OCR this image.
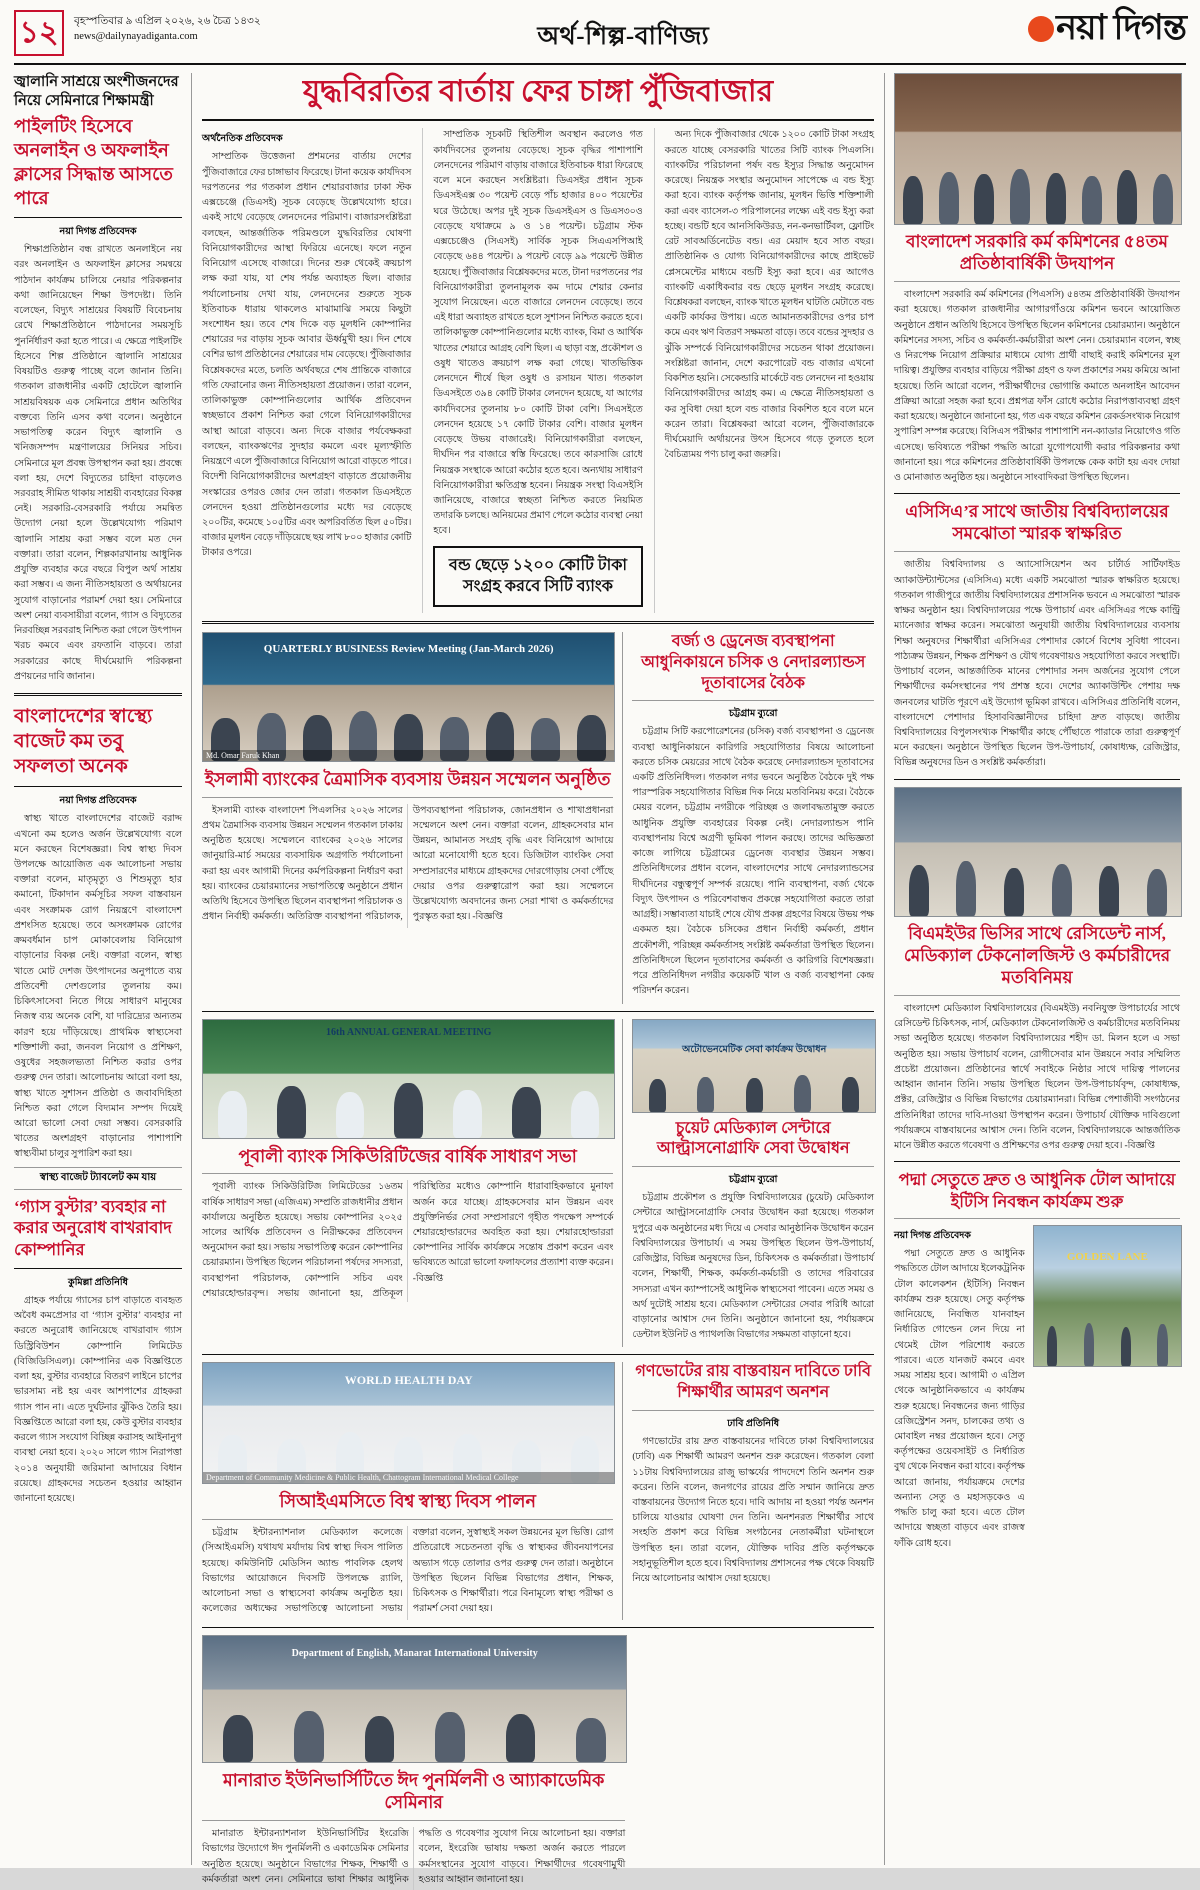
১২	বৃহস্পতিবার ৯ এপ্রিল ২০২৬, ২৬ চৈত্র ১৪৩২
news@dailynayadiganta.com	অর্থ-শিল্প-বাণিজ্য	নয়া দিগন্ত
জ্বালানি সাশ্রয়ে অংশীজনদের নিয়ে সেমিনারে শিক্ষামন্ত্রী
পাইলটিং হিসেবে অনলাইন ও অফলাইন ক্লাসের সিদ্ধান্ত আসতে পারে
নয়া দিগন্ত প্রতিবেদক

শিক্ষাপ্রতিষ্ঠান বন্ধ রাখতে অনলাইনে নয় বরং অনলাইন ও অফলাইন ক্লাসের সমন্বয়ে পাঠদান কার্যক্রম চালিয়ে নেয়ার পরিকল্পনার কথা জানিয়েছেন শিক্ষা উপদেষ্টা। তিনি বলেছেন, বিদ্যুৎ সাশ্রয়ের বিষয়টি বিবেচনায় রেখে শিক্ষাপ্রতিষ্ঠানে পাঠদানের সময়সূচি পুনর্নির্ধারণ করা হতে পারে। এ ক্ষেত্রে পাইলটিং হিসেবে শিল্প প্রতিষ্ঠানে জ্বালানি সাশ্রয়ের বিষয়টিও গুরুত্ব পাচ্ছে বলে জানান তিনি। গতকাল রাজধানীর একটি হোটেলে জ্বালানি সাশ্রয়বিষয়ক এক সেমিনারে প্রধান অতিথির বক্তব্যে তিনি এসব কথা বলেন। অনুষ্ঠানে সভাপতিত্ব করেন বিদ্যুৎ জ্বালানি ও খনিজসম্পদ মন্ত্রণালয়ের সিনিয়র সচিব। সেমিনারে মূল প্রবন্ধ উপস্থাপন করা হয়। প্রবন্ধে বলা হয়, দেশে বিদ্যুতের চাহিদা বাড়লেও সরবরাহ সীমিত থাকায় সাশ্রয়ী ব্যবহারের বিকল্প নেই। সরকারি-বেসরকারি পর্যায়ে সমন্বিত উদ্যোগ নেয়া হলে উল্লেখযোগ্য পরিমাণ জ্বালানি সাশ্রয় করা সম্ভব বলে মত দেন বক্তারা। তারা বলেন, শিল্পকারখানায় আধুনিক প্রযুক্তি ব্যবহার করে বছরে বিপুল অর্থ সাশ্রয় করা সম্ভব। এ জন্য নীতিসহায়তা ও অর্থায়নের সুযোগ বাড়ানোর পরামর্শ দেয়া হয়। সেমিনারে অংশ নেয়া ব্যবসায়ীরা বলেন, গ্যাস ও বিদ্যুতের নিরবচ্ছিন্ন সরবরাহ নিশ্চিত করা গেলে উৎপাদন খরচ কমবে এবং রফতানি বাড়বে। তারা সরকারের কাছে দীর্ঘমেয়াদি পরিকল্পনা প্রণয়নের দাবি জানান।

বাংলাদেশের স্বাস্থ্যে বাজেট কম তবু সফলতা অনেক
নয়া দিগন্ত প্রতিবেদক

স্বাস্থ্য খাতে বাংলাদেশের বাজেট বরাদ্দ এখনো কম হলেও অর্জন উল্লেখযোগ্য বলে মনে করছেন বিশেষজ্ঞরা। বিশ্ব স্বাস্থ্য দিবস উপলক্ষে আয়োজিত এক আলোচনা সভায় বক্তারা বলেন, মাতৃমৃত্যু ও শিশুমৃত্যু হার কমানো, টিকাদান কর্মসূচির সফল বাস্তবায়ন এবং সংক্রামক রোগ নিয়ন্ত্রণে বাংলাদেশ প্রশংসিত হয়েছে। তবে অসংক্রামক রোগের ক্রমবর্ধমান চাপ মোকাবেলায় বিনিয়োগ বাড়ানোর বিকল্প নেই। বক্তারা বলেন, স্বাস্থ্য খাতে মোট দেশজ উৎপাদনের অনুপাতে ব্যয় প্রতিবেশী দেশগুলোর তুলনায় কম। চিকিৎসাসেবা নিতে গিয়ে সাধারণ মানুষের নিজস্ব ব্যয় অনেক বেশি, যা দারিদ্র্যের অন্যতম কারণ হয়ে দাঁড়িয়েছে। প্রাথমিক স্বাস্থ্যসেবা শক্তিশালী করা, জনবল নিয়োগ ও প্রশিক্ষণ, ওষুধের সহজলভ্যতা নিশ্চিত করার ওপর গুরুত্ব দেন তারা। আলোচনায় আরো বলা হয়, স্বাস্থ্য খাতে সুশাসন প্রতিষ্ঠা ও জবাবদিহিতা নিশ্চিত করা গেলে বিদ্যমান সম্পদ দিয়েই আরো ভালো সেবা দেয়া সম্ভব। বেসরকারি খাতের অংশগ্রহণ বাড়ানোর পাশাপাশি স্বাস্থ্যবীমা চালুর সুপারিশ করা হয়।

স্বাস্থ্য বাজেট ট্যাবলেট কম যায়
‘গ্যাস বুস্টার’ ব্যবহার না করার অনুরোধ বাখরাবাদ কোম্পানির
কুমিল্লা প্রতিনিধি

গ্রাহক পর্যায়ে গ্যাসের চাপ বাড়াতে ব্যবহৃত অবৈধ কমপ্রেসার বা ‘গ্যাস বুস্টার’ ব্যবহার না করতে অনুরোধ জানিয়েছে বাখরাবাদ গ্যাস ডিস্ট্রিবিউশন কোম্পানি লিমিটেড (বিজিডিসিএল)। কোম্পানির এক বিজ্ঞপ্তিতে বলা হয়, বুস্টার ব্যবহারে বিতরণ লাইনে চাপের ভারসাম্য নষ্ট হয় এবং আশপাশের গ্রাহকরা গ্যাস পান না। এতে দুর্ঘটনার ঝুঁকিও তৈরি হয়। বিজ্ঞপ্তিতে আরো বলা হয়, কেউ বুস্টার ব্যবহার করলে গ্যাস সংযোগ বিচ্ছিন্ন করাসহ আইনানুগ ব্যবস্থা নেয়া হবে। ২০২০ সালে গ্যাস নিরাপত্তা ২০১৪ অনুযায়ী জরিমানা আদায়ের বিধান রয়েছে। গ্রাহকদের সচেতন হওয়ার আহ্বান জানানো হয়েছে।

যুদ্ধবিরতির বার্তায় ফের চাঙ্গা পুঁজিবাজার
অর্থনৈতিক প্রতিবেদক

সাম্প্রতিক উত্তেজনা প্রশমনের বার্তায় দেশের পুঁজিবাজারে ফের চাঙ্গাভাব ফিরেছে। টানা কয়েক কার্যদিবস দরপতনের পর গতকাল প্রধান শেয়ারবাজার ঢাকা স্টক এক্সচেঞ্জে (ডিএসই) সূচক বেড়েছে উল্লেখযোগ্য হারে। একই সাথে বেড়েছে লেনদেনের পরিমাণ। বাজারসংশ্লিষ্টরা বলছেন, আন্তর্জাতিক পরিমণ্ডলে যুদ্ধবিরতির ঘোষণা বিনিয়োগকারীদের আস্থা ফিরিয়ে এনেছে। ফলে নতুন বিনিয়োগ এসেছে বাজারে। দিনের শুরু থেকেই ক্রয়চাপ লক্ষ করা যায়, যা শেষ পর্যন্ত অব্যাহত ছিল। বাজার পর্যালোচনায় দেখা যায়, লেনদেনের শুরুতে সূচক ইতিবাচক ধারায় থাকলেও মাঝামাঝি সময়ে কিছুটা সংশোধন হয়। তবে শেষ দিকে বড় মূলধনি কোম্পানির শেয়ারের দর বাড়ায় সূচক আবার ঊর্ধ্বমুখী হয়। দিন শেষে বেশির ভাগ প্রতিষ্ঠানের শেয়ারের দাম বেড়েছে। পুঁজিবাজার বিশ্লেষকদের মতে, চলতি অর্থবছরে শেষ প্রান্তিকে বাজারে গতি ফেরানোর জন্য নীতিসহায়তা প্রয়োজন। তারা বলেন, তালিকাভুক্ত কোম্পানিগুলোর আর্থিক প্রতিবেদন স্বচ্ছভাবে প্রকাশ নিশ্চিত করা গেলে বিনিয়োগকারীদের আস্থা আরো বাড়বে। অন্য দিকে বাজার পর্যবেক্ষকরা বলছেন, ব্যাংকঋণের সুদহার কমলে এবং মূল্যস্ফীতি নিয়ন্ত্রণে এলে পুঁজিবাজারে বিনিয়োগ আরো বাড়তে পারে। বিদেশী বিনিয়োগকারীদের অংশগ্রহণ বাড়াতে প্রয়োজনীয় সংস্কারের ওপরও জোর দেন তারা। গতকাল ডিএসইতে লেনদেন হওয়া প্রতিষ্ঠানগুলোর মধ্যে দর বেড়েছে ২০০টির, কমেছে ১০৫টির এবং অপরিবর্তিত ছিল ৫০টির। বাজার মূলধন বেড়ে দাঁড়িয়েছে ছয় লাখ ৮০০ হাজার কোটি টাকার ওপরে।

সাম্প্রতিক সূচকটি স্থিতিশীল অবস্থান করলেও গত কার্যদিবসের তুলনায় বেড়েছে। সূচক বৃদ্ধির পাশাপাশি লেনদেনের পরিমাণ বাড়ায় বাজারে ইতিবাচক ধারা ফিরেছে বলে মনে করছেন সংশ্লিষ্টরা। ডিএসইর প্রধান সূচক ডিএসইএক্স ৩০ পয়েন্ট বেড়ে পাঁচ হাজার ৪০০ পয়েন্টের ঘরে উঠেছে। অপর দুই সূচক ডিএসইএস ও ডিএস৩০ও বেড়েছে যথাক্রমে ৯ ও ১৪ পয়েন্ট। চট্টগ্রাম স্টক এক্সচেঞ্জেও (সিএসই) সার্বিক সূচক সিএএসপিআই বেড়েছে ৬৪৪ পয়েন্ট। ৯ পয়েন্ট বেড়ে ৯৯ পয়েন্টে উন্নীত হয়েছে। পুঁজিবাজার বিশ্লেষকদের মতে, টানা দরপতনের পর বিনিয়োগকারীরা তুলনামূলক কম দামে শেয়ার কেনার সুযোগ নিয়েছেন। এতে বাজারে লেনদেন বেড়েছে। তবে এই ধারা অব্যাহত রাখতে হলে সুশাসন নিশ্চিত করতে হবে। তালিকাভুক্ত কোম্পানিগুলোর মধ্যে ব্যাংক, বিমা ও আর্থিক খাতের শেয়ারে আগ্রহ বেশি ছিল। এ ছাড়া বস্ত্র, প্রকৌশল ও ওষুধ খাতেও ক্রয়চাপ লক্ষ করা গেছে। খাতভিত্তিক লেনদেনে শীর্ষে ছিল ওষুধ ও রসায়ন খাত। গতকাল ডিএসইতে ৩৯৪ কোটি টাকার লেনদেন হয়েছে, যা আগের কার্যদিবসের তুলনায় ৮০ কোটি টাকা বেশি। সিএসইতে লেনদেন হয়েছে ১৭ কোটি টাকার বেশি। বাজার মূলধন বেড়েছে উভয় বাজারেই। বিনিয়োগকারীরা বলছেন, দীর্ঘদিন পর বাজারে স্বস্তি ফিরেছে। তবে কারসাজি রোধে নিয়ন্ত্রক সংস্থাকে আরো কঠোর হতে হবে। অন্যথায় সাধারণ বিনিয়োগকারীরা ক্ষতিগ্রস্ত হবেন। নিয়ন্ত্রক সংস্থা বিএসইসি জানিয়েছে, বাজারে স্বচ্ছতা নিশ্চিত করতে নিয়মিত তদারকি চলছে। অনিয়মের প্রমাণ পেলে কঠোর ব্যবস্থা নেয়া হবে।

বন্ড ছেড়ে ১২০০ কোটি টাকা সংগ্রহ করবে সিটি ব্যাংক

অন্য দিকে পুঁজিবাজার থেকে ১২০০ কোটি টাকা সংগ্রহ করতে যাচ্ছে বেসরকারি খাতের সিটি ব্যাংক পিএলসি। ব্যাংকটির পরিচালনা পর্ষদ বন্ড ইস্যুর সিদ্ধান্ত অনুমোদন করেছে। নিয়ন্ত্রক সংস্থার অনুমোদন সাপেক্ষে এ বন্ড ইস্যু করা হবে। ব্যাংক কর্তৃপক্ষ জানায়, মূলধন ভিত্তি শক্তিশালী করা এবং ব্যাসেল-৩ পরিপালনের লক্ষ্যে এই বন্ড ইস্যু করা হচ্ছে। বন্ডটি হবে আনসিকিউরড, নন-কনভার্টিবল, ফ্লোটিং রেট সাবঅর্ডিনেটেড বন্ড। এর মেয়াদ হবে সাত বছর। প্রাতিষ্ঠানিক ও যোগ্য বিনিয়োগকারীদের কাছে প্রাইভেট প্লেসমেন্টের মাধ্যমে বন্ডটি ইস্যু করা হবে। এর আগেও ব্যাংকটি একাধিকবার বন্ড ছেড়ে মূলধন সংগ্রহ করেছে। বিশ্লেষকরা বলছেন, ব্যাংক খাতে মূলধন ঘাটতি মেটাতে বন্ড একটি কার্যকর উপায়। এতে আমানতকারীদের ওপর চাপ কমে এবং ঋণ বিতরণ সক্ষমতা বাড়ে। তবে বন্ডের সুদহার ও ঝুঁকি সম্পর্কে বিনিয়োগকারীদের সচেতন থাকা প্রয়োজন। সংশ্লিষ্টরা জানান, দেশে করপোরেট বন্ড বাজার এখনো বিকশিত হয়নি। সেকেন্ডারি মার্কেটে বন্ড লেনদেন না হওয়ায় বিনিয়োগকারীদের আগ্রহ কম। এ ক্ষেত্রে নীতিসহায়তা ও কর সুবিধা দেয়া হলে বন্ড বাজার বিকশিত হবে বলে মনে করেন তারা। বিশ্লেষকরা আরো বলেন, পুঁজিবাজারকে দীর্ঘমেয়াদি অর্থায়নের উৎস হিসেবে গড়ে তুলতে হলে বৈচিত্র্যময় পণ্য চালু করা জরুরি।

QUARTERLY BUSINESS Review Meeting (Jan-March 2026)
Md. Omar Faruk Khan
ইসলামী ব্যাংকের ত্রৈমাসিক ব্যবসায় উন্নয়ন সম্মেলন অনুষ্ঠিত

ইসলামী ব্যাংক বাংলাদেশ পিএলসির ২০২৬ সালের প্রথম ত্রৈমাসিক ব্যবসায় উন্নয়ন সম্মেলন গতকাল ঢাকায় অনুষ্ঠিত হয়েছে। সম্মেলনে ব্যাংকের ২০২৬ সালের জানুয়ারি-মার্চ সময়ের ব্যবসায়িক অগ্রগতি পর্যালোচনা করা হয় এবং আগামী দিনের কর্মপরিকল্পনা নির্ধারণ করা হয়। ব্যাংকের চেয়ারম্যানের সভাপতিত্বে অনুষ্ঠানে প্রধান অতিথি হিসেবে উপস্থিত ছিলেন ব্যবস্থাপনা পরিচালক ও প্রধান নির্বাহী কর্মকর্তা। অতিরিক্ত ব্যবস্থাপনা পরিচালক, উপব্যবস্থাপনা পরিচালক, জোনপ্রধান ও শাখাপ্রধানরা সম্মেলনে অংশ নেন। বক্তারা বলেন, গ্রাহকসেবার মান উন্নয়ন, আমানত সংগ্রহ বৃদ্ধি এবং বিনিয়োগ আদায়ে আরো মনোযোগী হতে হবে। ডিজিটাল ব্যাংকিং সেবা সম্প্রসারণের মাধ্যমে গ্রাহকদের দোরগোড়ায় সেবা পৌঁছে দেয়ার ওপর গুরুত্বারোপ করা হয়। সম্মেলনে উল্লেখযোগ্য অবদানের জন্য সেরা শাখা ও কর্মকর্তাদের পুরস্কৃত করা হয়। -বিজ্ঞপ্তি

বর্জ্য ও ড্রেনেজ ব্যবস্থাপনা আধুনিকায়নে চসিক ও নেদারল্যান্ডস দূতাবাসের বৈঠক
চট্টগ্রাম ব্যুরো

চট্টগ্রাম সিটি করপোরেশনের (চসিক) বর্জ্য ব্যবস্থাপনা ও ড্রেনেজ ব্যবস্থা আধুনিকায়নে কারিগরি সহযোগিতার বিষয়ে আলোচনা করতে চসিক মেয়রের সাথে বৈঠক করেছে নেদারল্যান্ডস দূতাবাসের একটি প্রতিনিধিদল। গতকাল নগর ভবনে অনুষ্ঠিত বৈঠকে দুই পক্ষ পারস্পরিক সহযোগিতার বিভিন্ন দিক নিয়ে মতবিনিময় করে। বৈঠকে মেয়র বলেন, চট্টগ্রাম নগরীকে পরিচ্ছন্ন ও জলাবদ্ধতামুক্ত করতে আধুনিক প্রযুক্তি ব্যবহারের বিকল্প নেই। নেদারল্যান্ডস পানি ব্যবস্থাপনায় বিশ্বে অগ্রণী ভূমিকা পালন করছে। তাদের অভিজ্ঞতা কাজে লাগিয়ে চট্টগ্রামের ড্রেনেজ ব্যবস্থার উন্নয়ন সম্ভব। প্রতিনিধিদলের প্রধান বলেন, বাংলাদেশের সাথে নেদারল্যান্ডসের দীর্ঘদিনের বন্ধুত্বপূর্ণ সম্পর্ক রয়েছে। পানি ব্যবস্থাপনা, বর্জ্য থেকে বিদ্যুৎ উৎপাদন ও পরিবেশবান্ধব প্রকল্পে সহযোগিতা করতে তারা আগ্রহী। সম্ভাব্যতা যাচাই শেষে যৌথ প্রকল্প গ্রহণের বিষয়ে উভয় পক্ষ একমত হয়। বৈঠকে চসিকের প্রধান নির্বাহী কর্মকর্তা, প্রধান প্রকৌশলী, পরিচ্ছন্ন কর্মকর্তাসহ সংশ্লিষ্ট কর্মকর্তারা উপস্থিত ছিলেন। প্রতিনিধিদলে ছিলেন দূতাবাসের কর্মকর্তা ও কারিগরি বিশেষজ্ঞরা। পরে প্রতিনিধিদল নগরীর কয়েকটি খাল ও বর্জ্য ব্যবস্থাপনা কেন্দ্র পরিদর্শন করেন।

16th ANNUAL GENERAL MEETING
পূবালী ব্যাংক সিকিউরিটিজের বার্ষিক সাধারণ সভা

পূবালী ব্যাংক সিকিউরিটিজ লিমিটেডের ১৬তম বার্ষিক সাধারণ সভা (এজিএম) সম্প্রতি রাজধানীর প্রধান কার্যালয়ে অনুষ্ঠিত হয়েছে। সভায় কোম্পানির ২০২৫ সালের আর্থিক প্রতিবেদন ও নিরীক্ষকের প্রতিবেদন অনুমোদন করা হয়। সভায় সভাপতিত্ব করেন কোম্পানির চেয়ারম্যান। উপস্থিত ছিলেন পরিচালনা পর্ষদের সদস্যরা, ব্যবস্থাপনা পরিচালক, কোম্পানি সচিব এবং শেয়ারহোল্ডারবৃন্দ। সভায় জানানো হয়, প্রতিকূল পরিস্থিতির মধ্যেও কোম্পানি ধারাবাহিকভাবে মুনাফা অর্জন করে যাচ্ছে। গ্রাহকসেবার মান উন্নয়ন এবং প্রযুক্তিনির্ভর সেবা সম্প্রসারণে গৃহীত পদক্ষেপ সম্পর্কে শেয়ারহোল্ডারদের অবহিত করা হয়। শেয়ারহোল্ডাররা কোম্পানির সার্বিক কার্যক্রমে সন্তোষ প্রকাশ করেন এবং ভবিষ্যতে আরো ভালো ফলাফলের প্রত্যাশা ব্যক্ত করেন। -বিজ্ঞপ্তি

অটোভেনমেটিক সেবা কার্যক্রম উদ্বোধন
চুয়েট মেডিক্যাল সেন্টারে আল্ট্রাসনোগ্রাফি সেবা উদ্বোধন
চট্টগ্রাম ব্যুরো

চট্টগ্রাম প্রকৌশল ও প্রযুক্তি বিশ্ববিদ্যালয়ের (চুয়েট) মেডিক্যাল সেন্টারে আল্ট্রাসনোগ্রাফি সেবার উদ্বোধন করা হয়েছে। গতকাল দুপুরে এক অনুষ্ঠানের মধ্য দিয়ে এ সেবার আনুষ্ঠানিক উদ্বোধন করেন বিশ্ববিদ্যালয়ের উপাচার্য। এ সময় উপস্থিত ছিলেন উপ-উপাচার্য, রেজিস্ট্রার, বিভিন্ন অনুষদের ডিন, চিকিৎসক ও কর্মকর্তারা। উপাচার্য বলেন, শিক্ষার্থী, শিক্ষক, কর্মকর্তা-কর্মচারী ও তাদের পরিবারের সদস্যরা এখন ক্যাম্পাসেই আধুনিক স্বাস্থ্যসেবা পাবেন। এতে সময় ও অর্থ দুটোই সাশ্রয় হবে। মেডিক্যাল সেন্টারের সেবার পরিধি আরো বাড়ানোর আশ্বাস দেন তিনি। অনুষ্ঠানে জানানো হয়, পর্যায়ক্রমে ডেন্টাল ইউনিট ও প্যাথলজি বিভাগের সক্ষমতা বাড়ানো হবে।

WORLD HEALTH DAY
Department of Community Medicine & Public Health, Chattogram International Medical College
সিআইএমসিতে বিশ্ব স্বাস্থ্য দিবস পালন

চট্টগ্রাম ইন্টারন্যাশনাল মেডিক্যাল কলেজে (সিআইএমসি) যথাযথ মর্যাদায় বিশ্ব স্বাস্থ্য দিবস পালিত হয়েছে। কমিউনিটি মেডিসিন অ্যান্ড পাবলিক হেলথ বিভাগের আয়োজনে দিবসটি উপলক্ষে র‌্যালি, আলোচনা সভা ও স্বাস্থ্যসেবা কার্যক্রম অনুষ্ঠিত হয়। কলেজের অধ্যক্ষের সভাপতিত্বে আলোচনা সভায় বক্তারা বলেন, সুস্বাস্থ্যই সকল উন্নয়নের মূল ভিত্তি। রোগ প্রতিরোধে সচেতনতা বৃদ্ধি ও স্বাস্থ্যকর জীবনযাপনের অভ্যাস গড়ে তোলার ওপর গুরুত্ব দেন তারা। অনুষ্ঠানে উপস্থিত ছিলেন বিভিন্ন বিভাগের প্রধান, শিক্ষক, চিকিৎসক ও শিক্ষার্থীরা। পরে বিনামূল্যে স্বাস্থ্য পরীক্ষা ও পরামর্শ সেবা দেয়া হয়।

গণভোটের রায় বাস্তবায়ন দাবিতে ঢাবি শিক্ষার্থীর আমরণ অনশন
ঢাবি প্রতিনিধি

গণভোটের রায় দ্রুত বাস্তবায়নের দাবিতে ঢাকা বিশ্ববিদ্যালয়ের (ঢাবি) এক শিক্ষার্থী আমরণ অনশন শুরু করেছেন। গতকাল বেলা ১১টায় বিশ্ববিদ্যালয়ের রাজু ভাস্কর্যের পাদদেশে তিনি অনশন শুরু করেন। তিনি বলেন, জনগণের রায়ের প্রতি সম্মান জানিয়ে দ্রুত বাস্তবায়নের উদ্যোগ নিতে হবে। দাবি আদায় না হওয়া পর্যন্ত অনশন চালিয়ে যাওয়ার ঘোষণা দেন তিনি। অনশনরত শিক্ষার্থীর সাথে সংহতি প্রকাশ করে বিভিন্ন সংগঠনের নেতাকর্মীরা ঘটনাস্থলে উপস্থিত হন। তারা বলেন, যৌক্তিক দাবির প্রতি কর্তৃপক্ষকে সহানুভূতিশীল হতে হবে। বিশ্ববিদ্যালয় প্রশাসনের পক্ষ থেকে বিষয়টি নিয়ে আলোচনার আশ্বাস দেয়া হয়েছে।

Department of English, Manarat International University
মানারাত ইউনিভার্সিটিতে ঈদ পুনর্মিলনী ও আ্যাকাডেমিক সেমিনার

মানারাত ইন্টারন্যাশনাল ইউনিভার্সিটির ইংরেজি বিভাগের উদ্যোগে ঈদ পুনর্মিলনী ও একাডেমিক সেমিনার অনুষ্ঠিত হয়েছে। অনুষ্ঠানে বিভাগের শিক্ষক, শিক্ষার্থী ও কর্মকর্তারা অংশ নেন। সেমিনারে ভাষা শিক্ষার আধুনিক পদ্ধতি ও গবেষণার সুযোগ নিয়ে আলোচনা হয়। বক্তারা বলেন, ইংরেজি ভাষায় দক্ষতা অর্জন করতে পারলে কর্মসংস্থানের সুযোগ বাড়বে। শিক্ষার্থীদের গবেষণামুখী হওয়ার আহ্বান জানানো হয়।

বাংলাদেশ সরকারি কর্ম কমিশনের ৫৪তম প্রতিষ্ঠাবার্ষিকী উদযাপন

বাংলাদেশ সরকারি কর্ম কমিশনের (পিএসসি) ৫৪তম প্রতিষ্ঠাবার্ষিকী উদযাপন করা হয়েছে। গতকাল রাজধানীর আগারগাঁওয়ে কমিশন ভবনে আয়োজিত অনুষ্ঠানে প্রধান অতিথি হিসেবে উপস্থিত ছিলেন কমিশনের চেয়ারম্যান। অনুষ্ঠানে কমিশনের সদস্য, সচিব ও কর্মকর্তা-কর্মচারীরা অংশ নেন। চেয়ারম্যান বলেন, স্বচ্ছ ও নিরপেক্ষ নিয়োগ প্রক্রিয়ার মাধ্যমে যোগ্য প্রার্থী বাছাই করাই কমিশনের মূল দায়িত্ব। প্রযুক্তির ব্যবহার বাড়িয়ে পরীক্ষা গ্রহণ ও ফল প্রকাশের সময় কমিয়ে আনা হয়েছে। তিনি আরো বলেন, পরীক্ষার্থীদের ভোগান্তি কমাতে অনলাইন আবেদন প্রক্রিয়া আরো সহজ করা হবে। প্রশ্নপত্র ফাঁস রোধে কঠোর নিরাপত্তাব্যবস্থা গ্রহণ করা হয়েছে। অনুষ্ঠানে জানানো হয়, গত এক বছরে কমিশন রেকর্ডসংখ্যক নিয়োগ সুপারিশ সম্পন্ন করেছে। বিসিএস পরীক্ষার পাশাপাশি নন-ক্যাডার নিয়োগেও গতি এসেছে। ভবিষ্যতে পরীক্ষা পদ্ধতি আরো যুগোপযোগী করার পরিকল্পনার কথা জানানো হয়। পরে কমিশনের প্রতিষ্ঠাবার্ষিকী উপলক্ষে কেক কাটা হয় এবং দোয়া ও মোনাজাত অনুষ্ঠিত হয়। অনুষ্ঠানে সাংবাদিকরা উপস্থিত ছিলেন।

এসিসিএ’র সাথে জাতীয় বিশ্ববিদ্যালয়ের সমঝোতা স্মারক স্বাক্ষরিত

জাতীয় বিশ্ববিদ্যালয় ও অ্যাসোসিয়েশন অব চার্টার্ড সার্টিফাইড অ্যাকাউন্ট্যান্টসের (এসিসিএ) মধ্যে একটি সমঝোতা স্মারক স্বাক্ষরিত হয়েছে। গতকাল গাজীপুরে জাতীয় বিশ্ববিদ্যালয়ের প্রশাসনিক ভবনে এ সমঝোতা স্মারক স্বাক্ষর অনুষ্ঠান হয়। বিশ্ববিদ্যালয়ের পক্ষে উপাচার্য এবং এসিসিএর পক্ষে কান্ট্রি ম্যানেজার স্বাক্ষর করেন। সমঝোতা অনুযায়ী জাতীয় বিশ্ববিদ্যালয়ের ব্যবসায় শিক্ষা অনুষদের শিক্ষার্থীরা এসিসিএর পেশাদার কোর্সে বিশেষ সুবিধা পাবেন। পাঠ্যক্রম উন্নয়ন, শিক্ষক প্রশিক্ষণ ও যৌথ গবেষণায়ও সহযোগিতা করবে সংস্থাটি। উপাচার্য বলেন, আন্তর্জাতিক মানের পেশাদার সনদ অর্জনের সুযোগ পেলে শিক্ষার্থীদের কর্মসংস্থানের পথ প্রশস্ত হবে। দেশের অ্যাকাউন্টিং পেশায় দক্ষ জনবলের ঘাটতি পূরণে এই উদ্যোগ ভূমিকা রাখবে। এসিসিএর প্রতিনিধি বলেন, বাংলাদেশে পেশাদার হিসাববিজ্ঞানীদের চাহিদা দ্রুত বাড়ছে। জাতীয় বিশ্ববিদ্যালয়ের বিপুলসংখ্যক শিক্ষার্থীর কাছে পৌঁছাতে পারাকে তারা গুরুত্বপূর্ণ মনে করছেন। অনুষ্ঠানে উপস্থিত ছিলেন উপ-উপাচার্য, কোষাধ্যক্ষ, রেজিস্ট্রার, বিভিন্ন অনুষদের ডিন ও সংশ্লিষ্ট কর্মকর্তারা।

বিএমইউর ভিসির সাথে রেসিডেন্ট নার্স, মেডিক্যাল টেকনোলজিস্ট ও কর্মচারীদের মতবিনিময়

বাংলাদেশ মেডিক্যাল বিশ্ববিদ্যালয়ের (বিএমইউ) নবনিযুক্ত উপাচার্যের সাথে রেসিডেন্ট চিকিৎসক, নার্স, মেডিক্যাল টেকনোলজিস্ট ও কর্মচারীদের মতবিনিময় সভা অনুষ্ঠিত হয়েছে। গতকাল বিশ্ববিদ্যালয়ের শহীদ ডা. মিলন হলে এ সভা অনুষ্ঠিত হয়। সভায় উপাচার্য বলেন, রোগীসেবার মান উন্নয়নে সবার সম্মিলিত প্রচেষ্টা প্রয়োজন। প্রতিষ্ঠানের স্বার্থে সবাইকে নিষ্ঠার সাথে দায়িত্ব পালনের আহ্বান জানান তিনি। সভায় উপস্থিত ছিলেন উপ-উপাচার্যবৃন্দ, কোষাধ্যক্ষ, প্রক্টর, রেজিস্ট্রার ও বিভিন্ন বিভাগের চেয়ারম্যানরা। বিভিন্ন পেশাজীবী সংগঠনের প্রতিনিধিরা তাদের দাবি-দাওয়া উপস্থাপন করেন। উপাচার্য যৌক্তিক দাবিগুলো পর্যায়ক্রমে বাস্তবায়নের আশ্বাস দেন। তিনি বলেন, বিশ্ববিদ্যালয়কে আন্তর্জাতিক মানে উন্নীত করতে গবেষণা ও প্রশিক্ষণের ওপর গুরুত্ব দেয়া হবে। -বিজ্ঞপ্তি

পদ্মা সেতুতে দ্রুত ও আধুনিক টোল আদায়ে ইটিসি নিবন্ধন কার্যক্রম শুরু
নয়া দিগন্ত প্রতিবেদক

পদ্মা সেতুতে দ্রুত ও আধুনিক পদ্ধতিতে টোল আদায়ে ইলেকট্রনিক টোল কালেকশন (ইটিসি) নিবন্ধন কার্যক্রম শুরু হয়েছে। সেতু কর্তৃপক্ষ জানিয়েছে, নিবন্ধিত যানবাহন নির্ধারিত গোল্ডেন লেন দিয়ে না থেমেই টোল পরিশোধ করতে পারবে। এতে যানজট কমবে এবং সময় সাশ্রয় হবে। আগামী ৩ এপ্রিল থেকে আনুষ্ঠানিকভাবে এ কার্যক্রম শুরু হয়েছে। নিবন্ধনের জন্য গাড়ির রেজিস্ট্রেশন সনদ, চালকের তথ্য ও মোবাইল নম্বর প্রয়োজন হবে। সেতু কর্তৃপক্ষের ওয়েবসাইট ও নির্ধারিত বুথ থেকে নিবন্ধন করা যাবে। কর্তৃপক্ষ আরো জানায়, পর্যায়ক্রমে দেশের অন্যান্য সেতু ও মহাসড়কেও এ পদ্ধতি চালু করা হবে। এতে টোল আদায়ে স্বচ্ছতা বাড়বে এবং রাজস্ব ফাঁকি রোধ হবে।

GOLDEN LANE
